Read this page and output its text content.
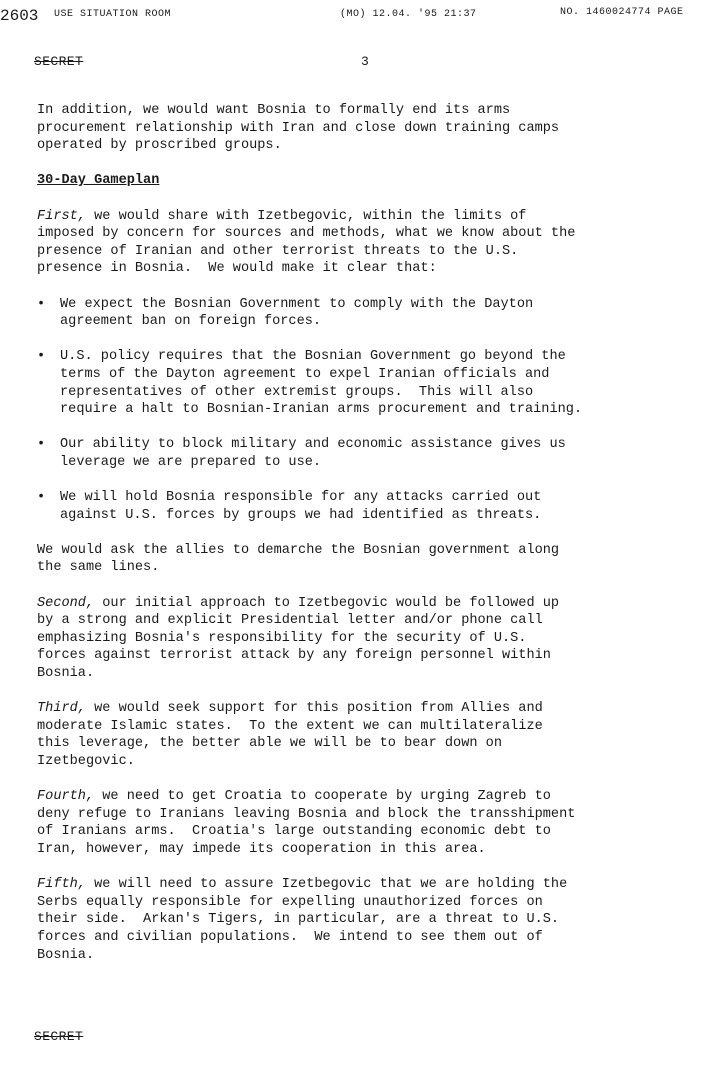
2603 USE SITUATION ROOM	(MO) 12.04. '95 21:37	NO. 1460024774 PAGE
SECRET	3

In addition, we would want Bosnia to formally end its arms
procurement relationship with Iran and close down training camps
operated by proscribed groups.

30-Day Gameplan

First, we would share with Izetbegovic, within the limits of
imposed by concern for sources and methods, what we know about the
presence of Iranian and other terrorist threats to the U.S.
presence in Bosnia.  We would make it clear that:

•	We expect the Bosnian Government to comply with the Dayton
agreement ban on foreign forces.
•	U.S. policy requires that the Bosnian Government go beyond the
terms of the Dayton agreement to expel Iranian officials and
representatives of other extremist groups.  This will also
require a halt to Bosnian-Iranian arms procurement and training.
•	Our ability to block military and economic assistance gives us
leverage we are prepared to use.
•	We will hold Bosnia responsible for any attacks carried out
against U.S. forces by groups we had identified as threats.

We would ask the allies to demarche the Bosnian government along
the same lines.

Second, our initial approach to Izetbegovic would be followed up
by a strong and explicit Presidential letter and/or phone call
emphasizing Bosnia's responsibility for the security of U.S.
forces against terrorist attack by any foreign personnel within
Bosnia.

Third, we would seek support for this position from Allies and
moderate Islamic states.  To the extent we can multilateralize
this leverage, the better able we will be to bear down on
Izetbegovic.

Fourth, we need to get Croatia to cooperate by urging Zagreb to
deny refuge to Iranians leaving Bosnia and block the transshipment
of Iranians arms.  Croatia's large outstanding economic debt to
Iran, however, may impede its cooperation in this area.

Fifth, we will need to assure Izetbegovic that we are holding the
Serbs equally responsible for expelling unauthorized forces on
their side.  Arkan's Tigers, in particular, are a threat to U.S.
forces and civilian populations.  We intend to see them out of
Bosnia.

SECRET
